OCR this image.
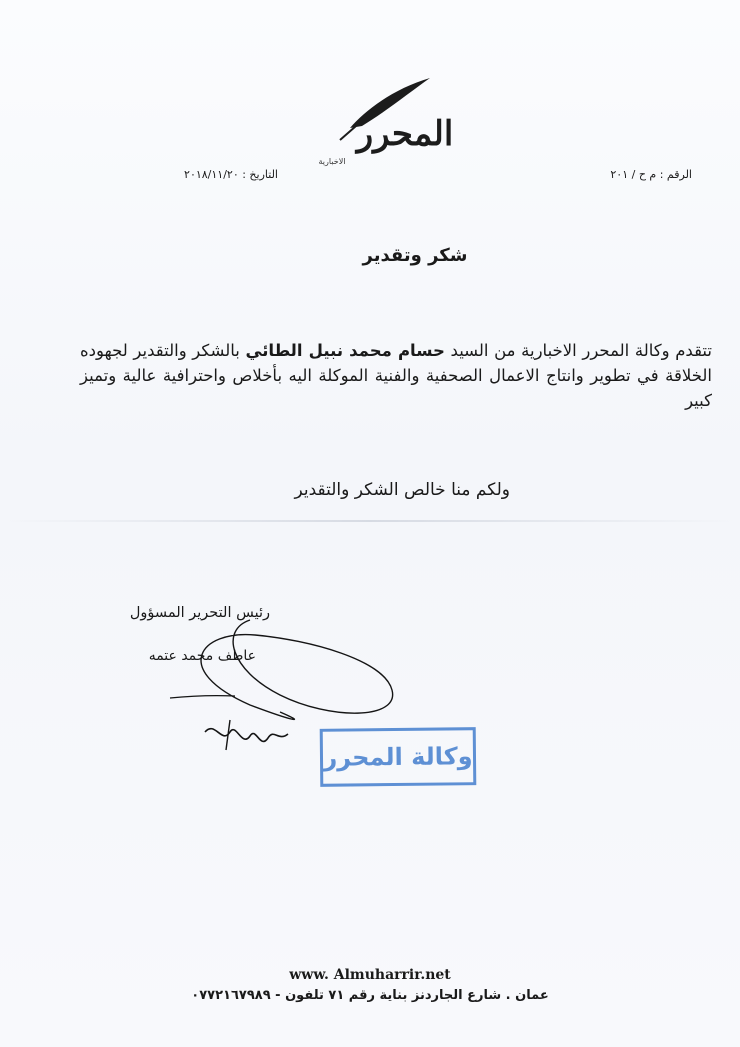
المحرر
الاخبارية
الرقم : م ح / ٢٠١
التاريخ : ٢٠١٨/١١/٢٠
شكر وتقدير
تتقدم وكالة المحرر الاخبارية من السيد حسام محمد نبيل الطائي بالشكر والتقدير لجهوده الخلاقة في تطوير وانتاج الاعمال الصحفية والفنية الموكلة اليه بأخلاص واحترافية عالية وتميز كبير
ولكم منا خالص الشكر والتقدير
رئيس التحرير المسؤول
عاطف محمد عتمه
وكالة المحرر
www. Almuharrir.net
عمان . شارع الجاردنز بناية رقم ٧١ تلفون - ٠٧٧٢١٦٧٩٨٩
